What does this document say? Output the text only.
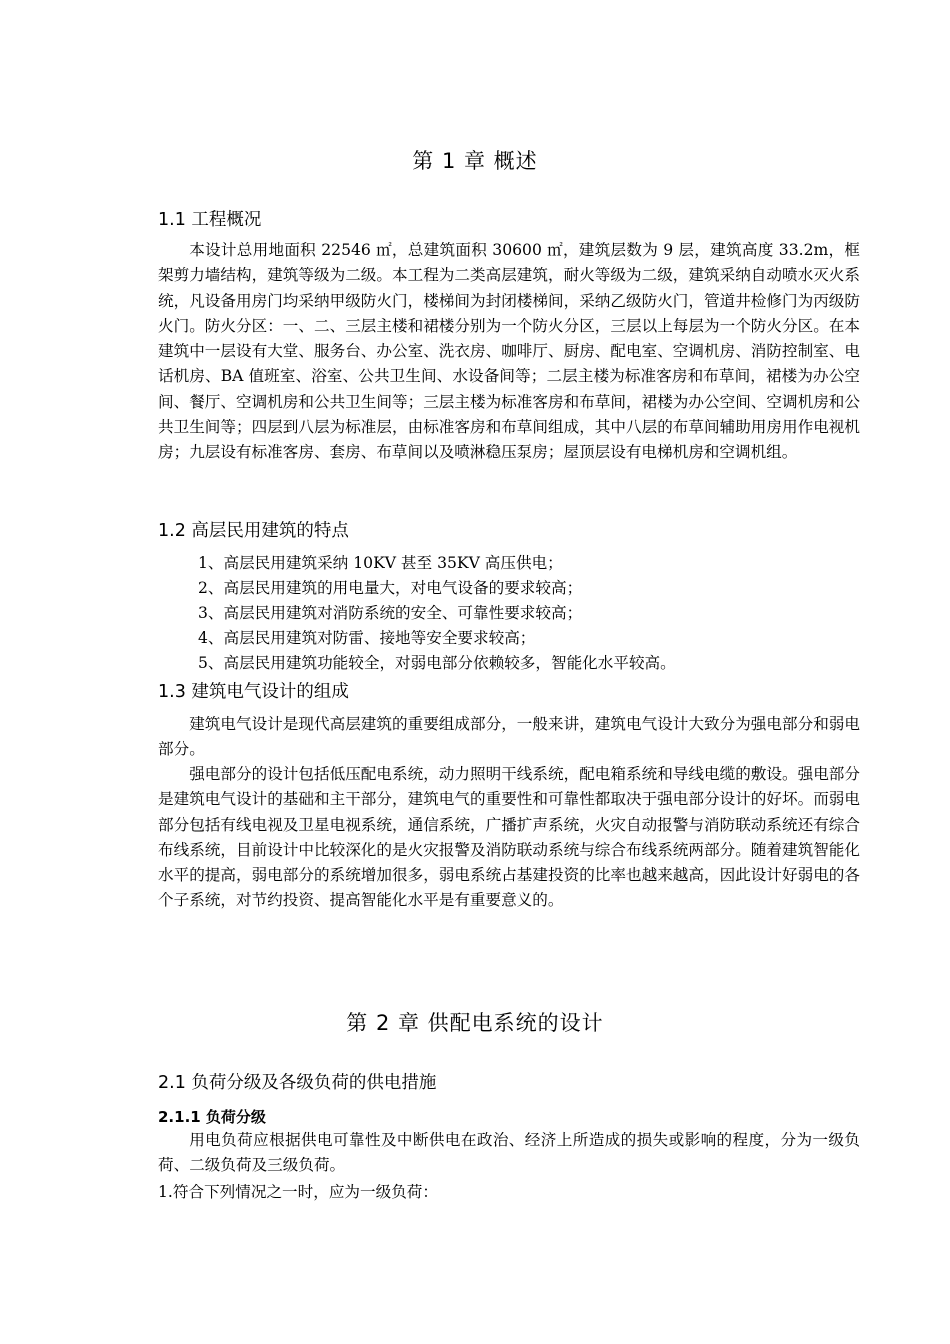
第 1 章 概述
1.1 工程概况

本设计总用地面积 22546 ㎡，总建筑面积 30600 ㎡，建筑层数为 9 层，建筑高度 33.2m，框架剪力墙结构，建筑等级为二级。本工程为二类高层建筑，耐火等级为二级，建筑采纳自动喷水灭火系统，凡设备用房门均采纳甲级防火门，楼梯间为封闭楼梯间，采纳乙级防火门，管道井检修门为丙级防火门。防火分区：一、二、三层主楼和裙楼分别为一个防火分区，三层以上每层为一个防火分区。在本建筑中一层设有大堂、服务台、办公室、洗衣房、咖啡厅、厨房、配电室、空调机房、消防控制室、电话机房、BA 值班室、浴室、公共卫生间、水设备间等；二层主楼为标准客房和布草间，裙楼为办公空间、餐厅、空调机房和公共卫生间等；三层主楼为标准客房和布草间，裙楼为办公空间、空调机房和公共卫生间等；四层到八层为标准层，由标准客房和布草间组成，其中八层的布草间辅助用房用作电视机房；九层设有标准客房、套房、布草间以及喷淋稳压泵房；屋顶层设有电梯机房和空调机组。

1.2 高层民用建筑的特点
1、高层民用建筑采纳 10KV 甚至 35KV 高压供电；
2、高层民用建筑的用电量大，对电气设备的要求较高；
3、高层民用建筑对消防系统的安全、可靠性要求较高；
4、高层民用建筑对防雷、接地等安全要求较高；
5、高层民用建筑功能较全，对弱电部分依赖较多，智能化水平较高。
1.3 建筑电气设计的组成

建筑电气设计是现代高层建筑的重要组成部分，一般来讲，建筑电气设计大致分为强电部分和弱电部分。

强电部分的设计包括低压配电系统，动力照明干线系统，配电箱系统和导线电缆的敷设。强电部分是建筑电气设计的基础和主干部分，建筑电气的重要性和可靠性都取决于强电部分设计的好坏。而弱电部分包括有线电视及卫星电视系统，通信系统，广播扩声系统，火灾自动报警与消防联动系统还有综合布线系统，目前设计中比较深化的是火灾报警及消防联动系统与综合布线系统两部分。随着建筑智能化水平的提高，弱电部分的系统增加很多，弱电系统占基建投资的比率也越来越高，因此设计好弱电的各个子系统，对节约投资、提高智能化水平是有重要意义的。

第 2 章 供配电系统的设计
2.1 负荷分级及各级负荷的供电措施
2.1.1 负荷分级

用电负荷应根据供电可靠性及中断供电在政治、经济上所造成的损失或影响的程度，分为一级负荷、二级负荷及三级负荷。

1.符合下列情况之一时，应为一级负荷：
